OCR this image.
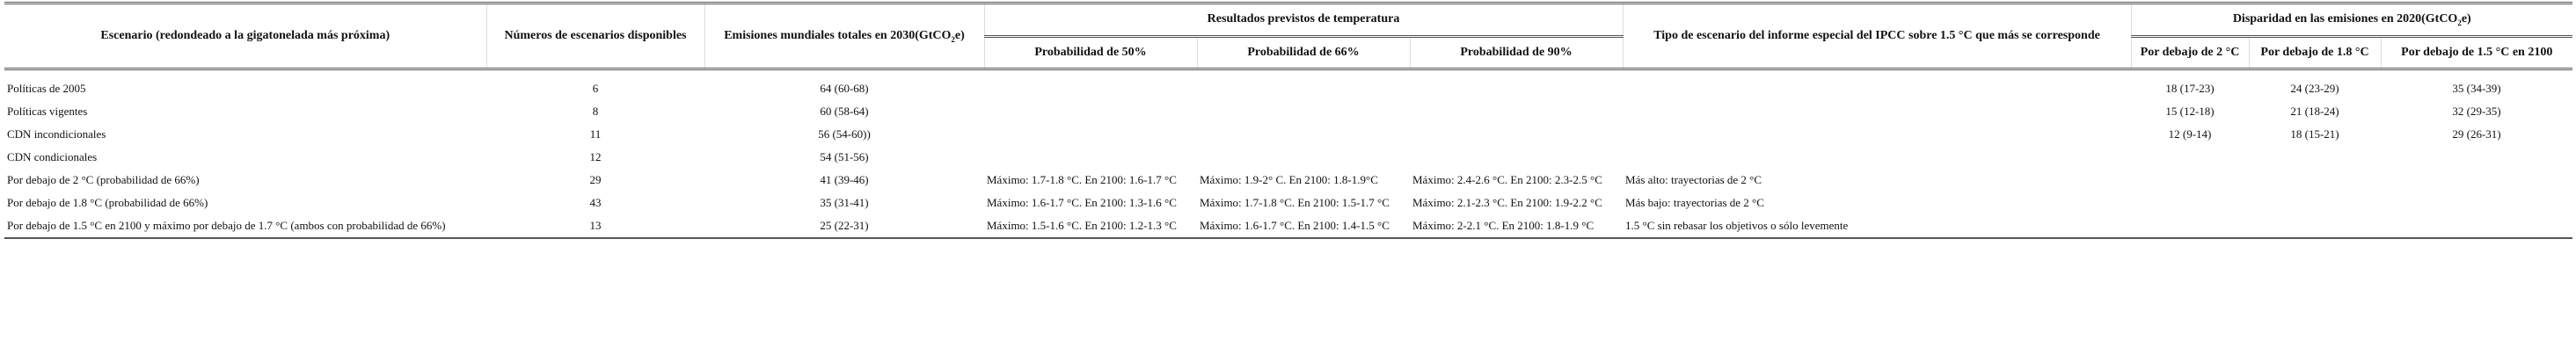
Escenario (redondeado a la gigatonelada más próxima)	Números de escenarios disponibles	Emisiones mundiales totales en 2030(GtCO$_2$e)	Resultados previstos de temperatura			Tipo de escenario del informe especial del IPCC sobre 1.5 °C que más se corresponde	Disparidad en las emisiones en 2020(GtCO$_2$e)		
			Probabilidad de 50%	Probabilidad de 66%	Probabilidad de 90%		Por debajo de 2 °C	Por debajo de 1.8 °C	Por debajo de 1.5 °C en 2100

Políticas de 2005	6	64 (60-68)					18 (17-23)	24 (23-29)	35 (34-39)
Políticas vigentes	8	60 (58-64)					15 (12-18)	21 (18-24)	32 (29-35)
CDN incondicionales	11	56 (54-60))					12 (9-14)	18 (15-21)	29 (26-31)
CDN condicionales	12	54 (51-56)							
Por debajo de 2 °C (probabilidad de 66%)	29	41 (39-46)	Máximo: 1.7-1.8 °C. En 2100: 1.6-1.7 °C	Máximo: 1.9-2° C. En 2100: 1.8-1.9°C	Máximo: 2.4-2.6 °C. En 2100: 2.3-2.5 °C	Más alto: trayectorias de 2 °C			
Por debajo de 1.8 °C (probabilidad de 66%)	43	35 (31-41)	Máximo: 1.6-1.7 °C. En 2100: 1.3-1.6 °C	Máximo: 1.7-1.8 °C. En 2100: 1.5-1.7 °C	Máximo: 2.1-2.3 °C. En 2100: 1.9-2.2 °C	Más bajo: trayectorias de 2 °C			
Por debajo de 1.5 °C en 2100 y máximo por debajo de 1.7 °C (ambos con probabilidad de 66%)	13	25 (22-31)	Máximo: 1.5-1.6 °C. En 2100: 1.2-1.3 °C	Máximo: 1.6-1.7 °C. En 2100: 1.4-1.5 °C	Máximo: 2-2.1 °C. En 2100: 1.8-1.9 °C	1.5 °C sin rebasar los objetivos o sólo levemente			
